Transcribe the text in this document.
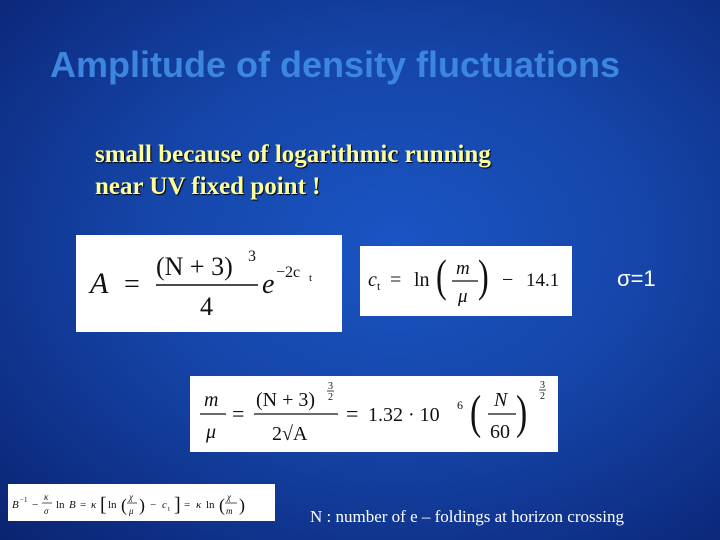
Amplitude of density fluctuations
small because of logarithmic running
near UV fixed point !
A =
(N + 3) 3
4
e −2c t	c t = ln ( m
μ ) − 14.1	σ=1
m
μ
=
(N + 3)
3
2
2√A
= 1.32 · 10 6 ( N
60 ) 3
2
B −1 −
κ
σ ln B = κ [ ln ( χ
μ ) − c t ] = κ ln ( χ
m )
N : number of e – foldings at horizon crossing
